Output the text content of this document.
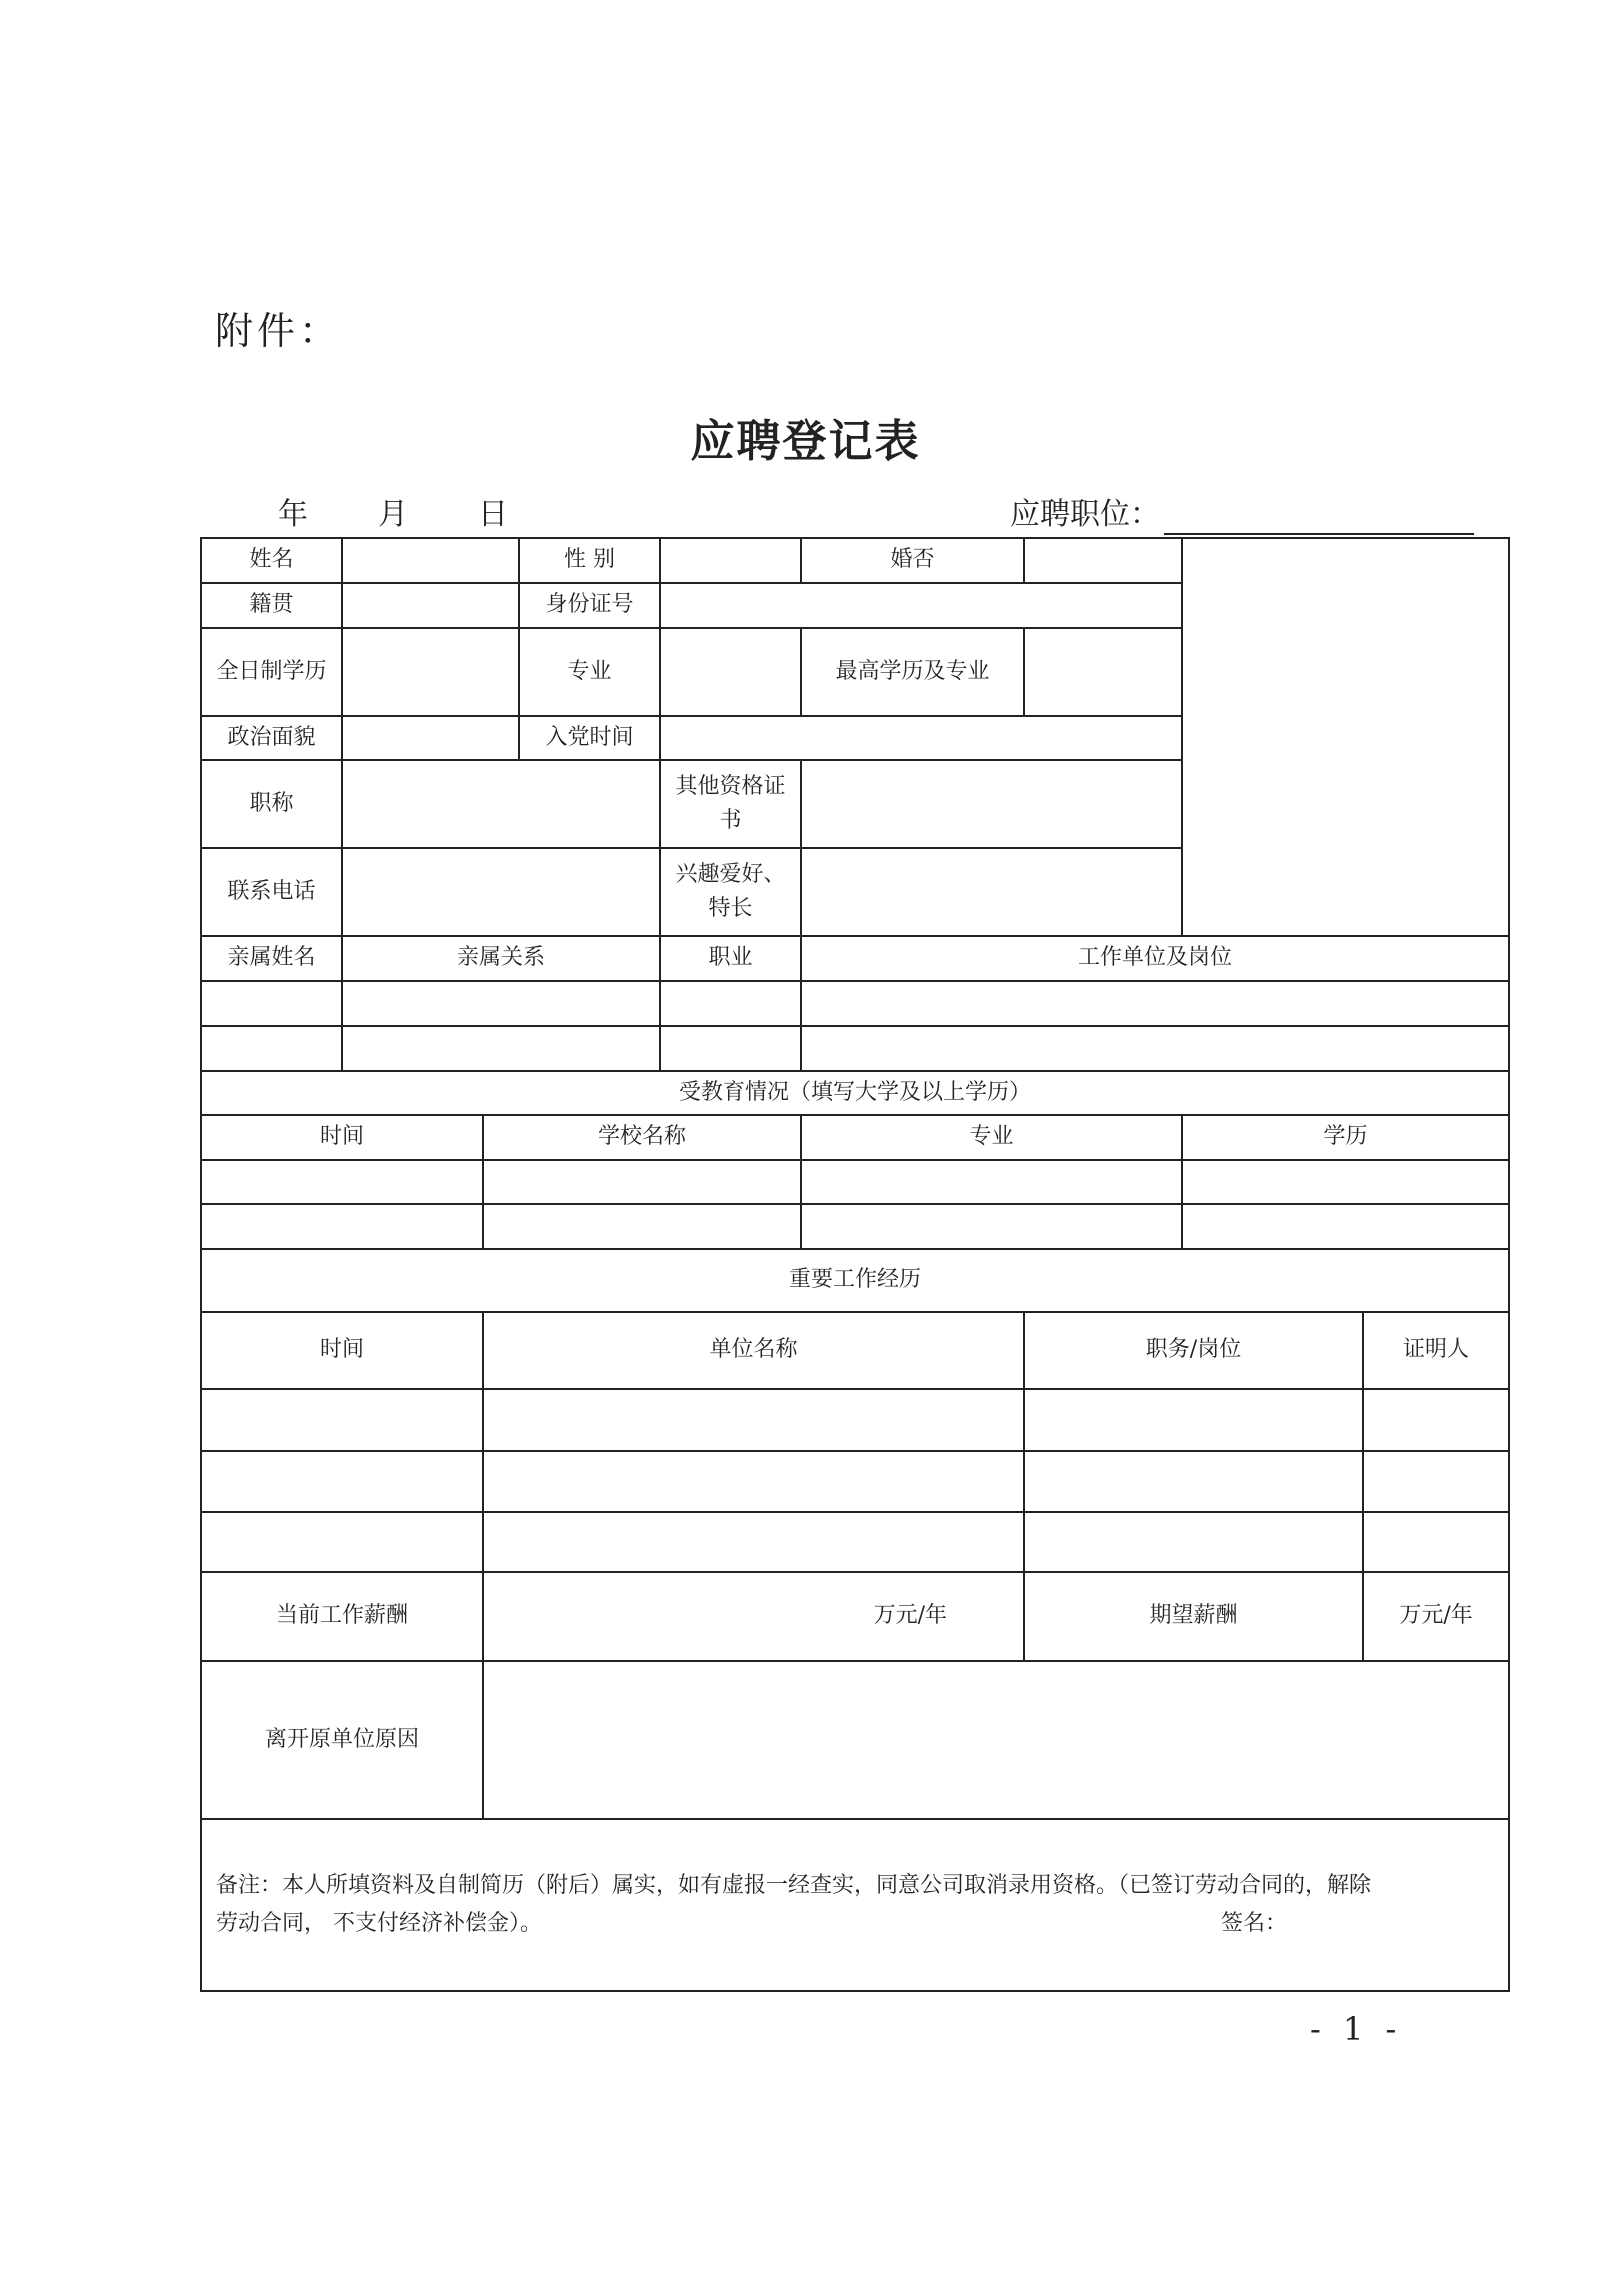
附件：
应聘登记表
年 月 日	应聘职位：
姓名			性 别		婚否			
籍贯			身份证号					
全日制学历			专业		最高学历及专业			
政治面貌			入党时间					
职称				其他资格证书				
联系电话				兴趣爱好、特长				
亲属姓名	亲属关系			职业	工作单位及岗位			

受教育情况（填写大学及以上学历）								
时间		学校名称			专业		学历	

重要工作经历								
时间		单位名称				职务/岗位		证明人

当前工作薪酬		万元/年				期望薪酬		万元/年
离开原单位原因								

备注：本人所填资料及自制简历（附后）属实，如有虚报一经查实，同意公司取消录用资格。（已签订劳动合同的，解除
劳动合同， 不支付经济补偿金）。 签名：								
- 1 -
